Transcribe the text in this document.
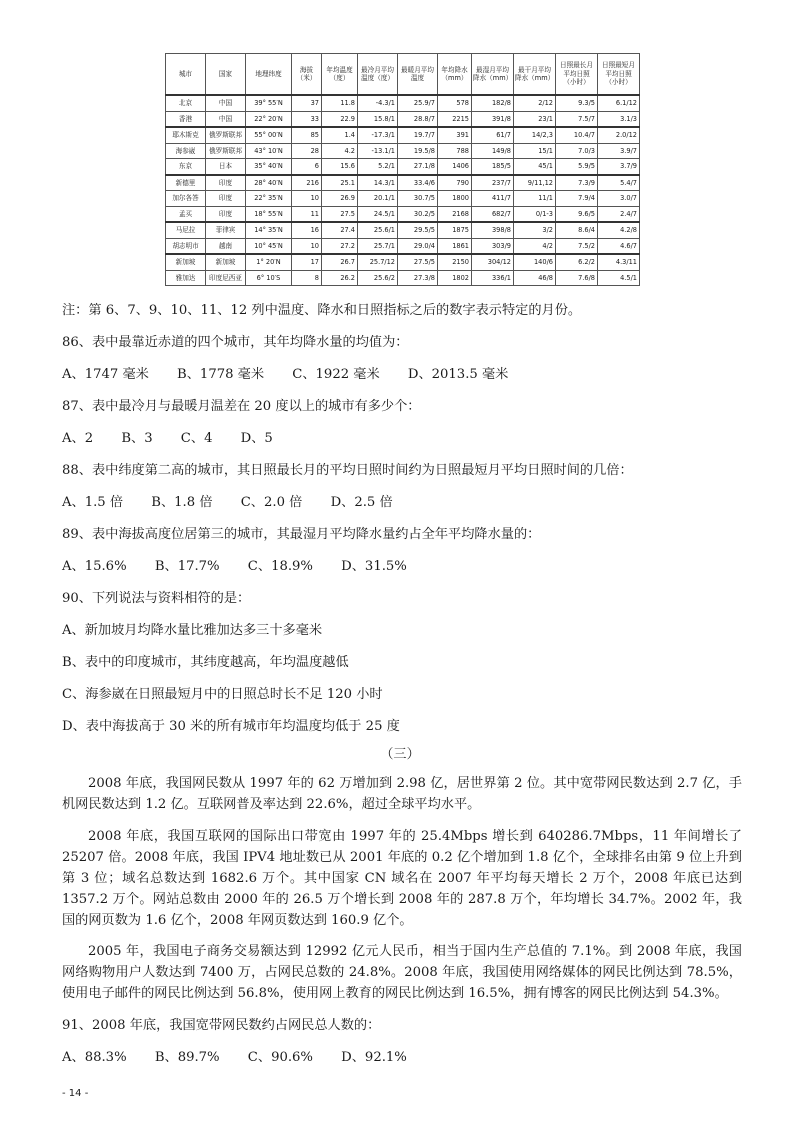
城市	国家	地理纬度	海拔（米）	年均温度（度）	最冷月平均温度（度）	最暖月平均温度	年均降水（mm）	最湿月平均降水（mm）	最干月平均降水（mm）	日照最长月平均日照（小时）	日照最短月平均日照（小时）
北京	中国	39° 55′N	37	11.8	-4.3/1	25.9/7	578	182/8	2/12	9.3/5	6.1/12
香港	中国	22° 20′N	33	22.9	15.8/1	28.8/7	2215	391/8	23/1	7.5/7	3.1/3
耶木斯克	俄罗斯联邦	55° 00′N	85	1.4	-17.3/1	19.7/7	391	61/7	14/2,3	10.4/7	2.0/12
海参崴	俄罗斯联邦	43° 10′N	28	4.2	-13.1/1	19.5/8	788	149/8	15/1	7.0/3	3.9/7
东京	日本	35° 40′N	6	15.6	5.2/1	27.1/8	1406	185/5	45/1	5.9/5	3.7/9
新德里	印度	28° 40′N	216	25.1	14.3/1	33.4/6	790	237/7	9/11,12	7.3/9	5.4/7
加尔各答	印度	22° 35′N	10	26.9	20.1/1	30.7/5	1800	411/7	11/1	7.9/4	3.0/7
孟买	印度	18° 55′N	11	27.5	24.5/1	30.2/5	2168	682/7	0/1-3	9.6/5	2.4/7
马尼拉	菲律宾	14° 35′N	16	27.4	25.6/1	29.5/5	1875	398/8	3/2	8.6/4	4.2/8
胡志明市	越南	10° 45′N	10	27.2	25.7/1	29.0/4	1861	303/9	4/2	7.5/2	4.6/7
新加坡	新加坡	1° 20′N	17	26.7	25.7/12	27.5/5	2150	304/12	140/6	6.2/2	4.3/11
雅加达	印度尼西亚	6° 10′S	8	26.2	25.6/2	27.3/8	1802	336/1	46/8	7.6/8	4.5/1
注：第 6、7、9、10、11、12 列中温度、降水和日照指标之后的数字表示特定的月份。
86、表中最靠近赤道的四个城市，其年均降水量的均值为：
A、1747 毫米 B、1778 毫米 C、1922 毫米 D、2013.5 毫米
87、表中最冷月与最暖月温差在 20 度以上的城市有多少个：
A、2 B、3 C、4 D、5
88、表中纬度第二高的城市，其日照最长月的平均日照时间约为日照最短月平均日照时间的几倍：
A、1.5 倍 B、1.8 倍 C、2.0 倍 D、2.5 倍
89、表中海拔高度位居第三的城市，其最湿月平均降水量约占全年平均降水量的：
A、15.6% B、17.7% C、18.9% D、31.5%
90、下列说法与资料相符的是：
A、新加坡月均降水量比雅加达多三十多毫米
B、表中的印度城市，其纬度越高，年均温度越低
C、海参崴在日照最短月中的日照总时长不足 120 小时
D、表中海拔高于 30 米的所有城市年均温度均低于 25 度
（三）
2008 年底，我国网民数从 1997 年的 62 万增加到 2.98 亿，居世界第 2 位。其中宽带网民数达到 2.7 亿，手机网民数达到 1.2 亿。互联网普及率达到 22.6%，超过全球平均水平。
2008 年底，我国互联网的国际出口带宽由 1997 年的 25.4Mbps 增长到 640286.7Mbps，11 年间增长了 25207 倍。2008 年底，我国 IPV4 地址数已从 2001 年底的 0.2 亿个增加到 1.8 亿个，全球排名由第 9 位上升到第 3 位；域名总数达到 1682.6 万个。其中国家 CN 域名在 2007 年平均每天增长 2 万个，2008 年底已达到 1357.2 万个。网站总数由 2000 年的 26.5 万个增长到 2008 年的 287.8 万个，年均增长 34.7%。2002 年，我国的网页数为 1.6 亿个，2008 年网页数达到 160.9 亿个。
2005 年，我国电子商务交易额达到 12992 亿元人民币，相当于国内生产总值的 7.1%。到 2008 年底，我国网络购物用户人数达到 7400 万，占网民总数的 24.8%。2008 年底，我国使用网络媒体的网民比例达到 78.5%，使用电子邮件的网民比例达到 56.8%，使用网上教育的网民比例达到 16.5%，拥有博客的网民比例达到 54.3%。
91、2008 年底，我国宽带网民数约占网民总人数的：
A、88.3% B、89.7% C、90.6% D、92.1%
- 14 -
